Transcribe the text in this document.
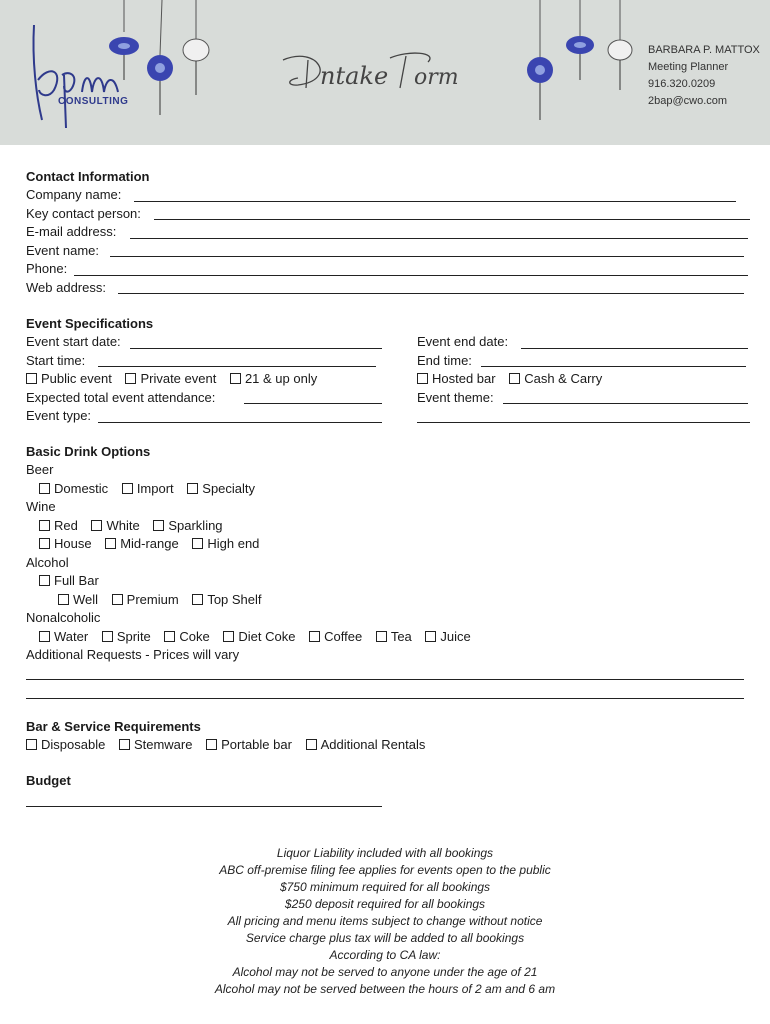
CONSULTING
ntake orm
BARBARA P. MATTOX
Meeting Planner
916.320.0209
2bap@cwo.com
Contact Information
Company name:
Key contact person:
E-mail address:
Event name:
Phone:
Web address:
Event Specifications
Event start date:
Start time:
Public event Private event 21 & up only
Expected total event attendance:
Event type:
Event end date:
End time:
Hosted bar Cash & Carry
Event theme:
Basic Drink Options
Beer
Domestic Import Specialty
Wine
Red White Sparkling
House Mid-range High end
Alcohol
Full Bar
Well Premium Top Shelf
Nonalcoholic
Water Sprite Coke Diet Coke Coffee Tea Juice
Additional Requests - Prices will vary
Bar & Service Requirements
Disposable Stemware Portable bar Additional Rentals
Budget
Liquor Liability included with all bookings
ABC off-premise filing fee applies for events open to the public
$750 minimum required for all bookings
$250 deposit required for all bookings
All pricing and menu items subject to change without notice
Service charge plus tax will be added to all bookings
According to CA law:
Alcohol may not be served to anyone under the age of 21
Alcohol may not be served between the hours of 2 am and 6 am
